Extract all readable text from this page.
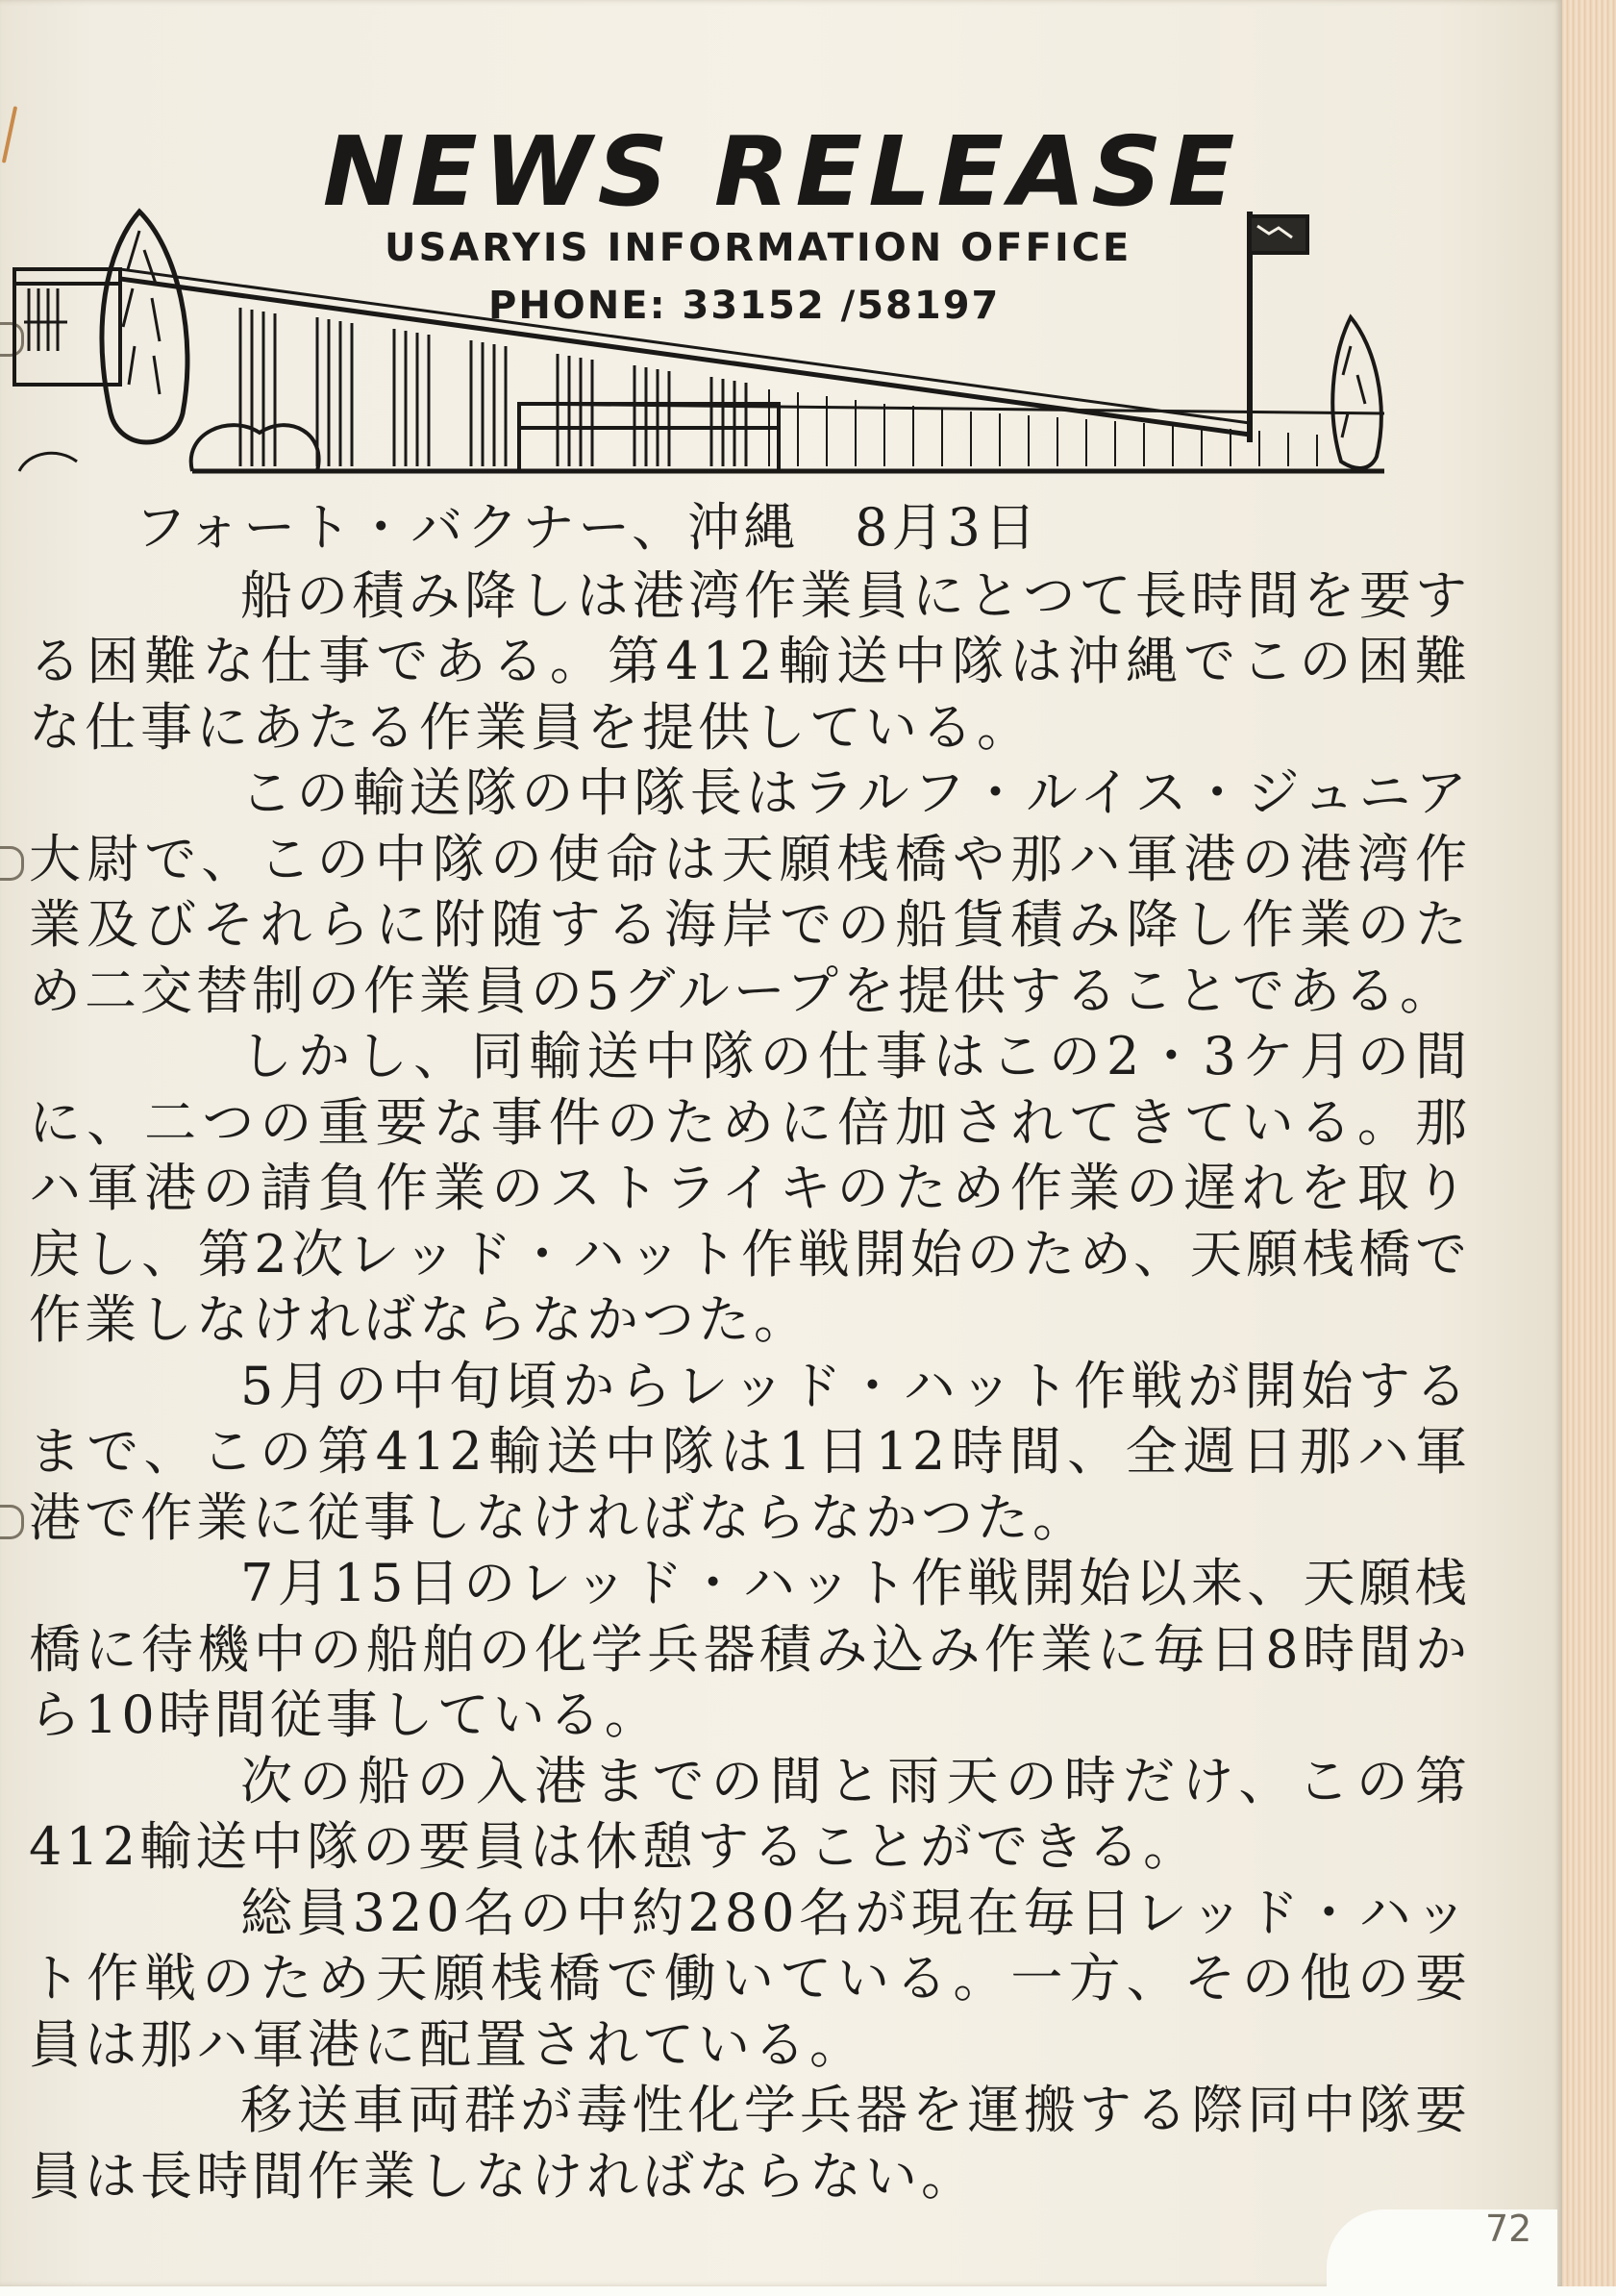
NEWS RELEASE
USARYIS INFORMATION OFFICE
PHONE: 33152 /58197
フォート・バクナー、沖縄　8月3日

船の積み降しは港湾作業員にとつて長時間を要する困難な仕事である。第412輸送中隊は沖縄でこの困難な仕事にあたる作業員を提供している。

この輸送隊の中隊長はラルフ・ルイス・ジュニア大尉で、この中隊の使命は天願桟橋や那ハ軍港の港湾作業及びそれらに附随する海岸での船貨積み降し作業のため二交替制の作業員の5グループを提供することである。

しかし、同輸送中隊の仕事はこの2・3ケ月の間に、二つの重要な事件のために倍加されてきている。那ハ軍港の請負作業のストライキのため作業の遅れを取り戻し、第2次レッド・ハット作戦開始のため、天願桟橋で作業しなければならなかつた。

5月の中旬頃からレッド・ハット作戦が開始するまで、この第412輸送中隊は1日12時間、全週日那ハ軍港で作業に従事しなければならなかつた。

7月15日のレッド・ハット作戦開始以来、天願桟橋に待機中の船舶の化学兵器積み込み作業に毎日8時間から10時間従事している。

次の船の入港までの間と雨天の時だけ、この第412輸送中隊の要員は休憩することができる。

総員320名の中約280名が現在毎日レッド・ハット作戦のため天願桟橋で働いている。一方、その他の要員は那ハ軍港に配置されている。

移送車両群が毒性化学兵器を運搬する際同中隊要員は長時間作業しなければならない。

72
